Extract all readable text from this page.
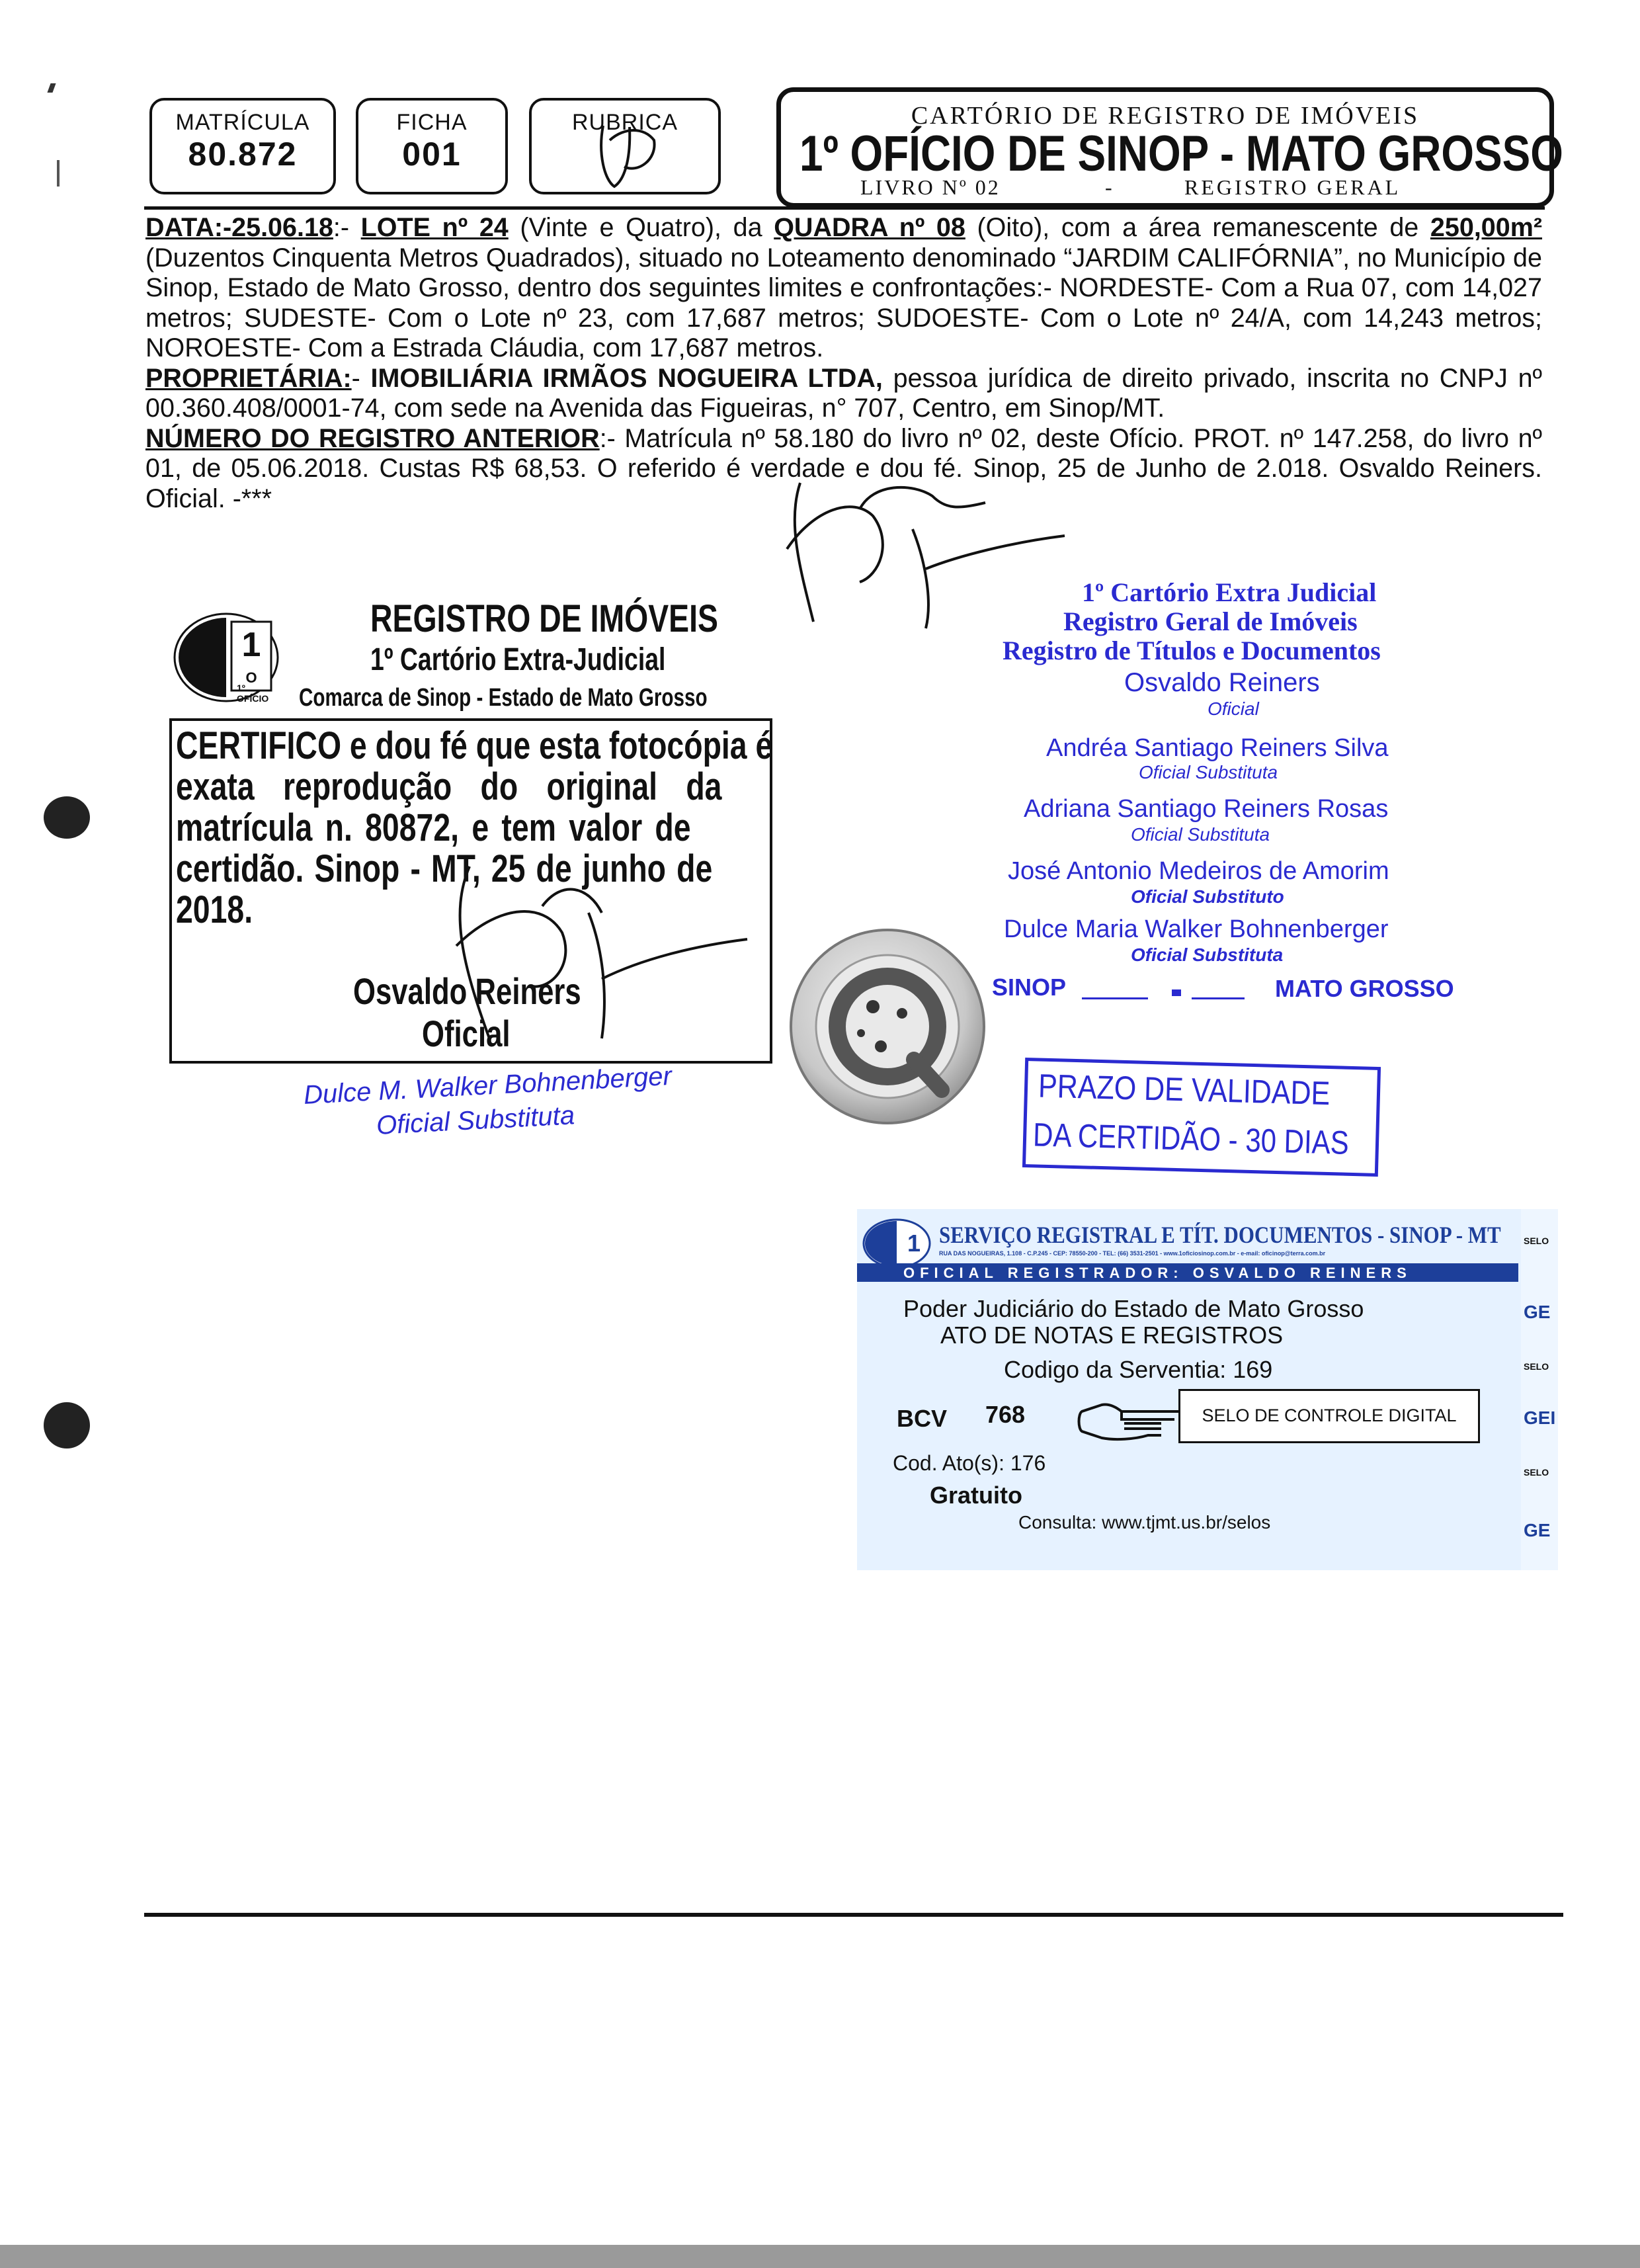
MATRÍCULA
80.872
FICHA
001
RUBRICA	CARTÓRIO DE REGISTRO DE IMÓVEIS
1º OFÍCIO DE SINOP - MATO GROSSO
LIVRO Nº 02	-	REGISTRO GERAL

DATA:-25.06.18:- LOTE nº 24 (Vinte e Quatro), da QUADRA nº 08 (Oito), com a área remanescente de 250,00m² (Duzentos Cinquenta Metros Quadrados), situado no Loteamento denominado “JARDIM CALIFÓRNIA”, no Município de Sinop, Estado de Mato Grosso, dentro dos seguintes limites e confrontações:- NORDESTE- Com a Rua 07, com 14,027 metros; SUDESTE- Com o Lote nº 23, com 17,687 metros; SUDOESTE- Com o Lote nº 24/A, com 14,243 metros; NOROESTE- Com a Estrada Cláudia, com 17,687 metros.

PROPRIETÁRIA:- IMOBILIÁRIA IRMÃOS NOGUEIRA LTDA, pessoa jurídica de direito privado, inscrita no CNPJ nº 00.360.408/0001-74, com sede na Avenida das Figueiras, n° 707, Centro, em Sinop/MT.

NÚMERO DO REGISTRO ANTERIOR:- Matrícula nº 58.180 do livro nº 02, deste Ofício. PROT. nº 147.258, do livro nº 01, de 05.06.2018. Custas R$ 68,53. O referido é verdade e dou fé. Sinop, 25 de Junho de 2.018. Osvaldo Reiners. Oficial. -***

1
O
1º OFÍCIO
REGISTRO DE IMÓVEIS
1º Cartório Extra-Judicial
Comarca de Sinop - Estado de Mato Grosso
CERTIFICO e dou fé que esta fotocópia é
exata reprodução do original da
matrícula n. 80872, e tem valor de
certidão. Sinop - MT, 25 de junho de
2018.
Osvaldo Reiners
Oficial
Dulce M. Walker Bohnenberger
Oficial Substituta
1º Cartório Extra Judicial
Registro Geral de Imóveis
Registro de Títulos e Documentos
Osvaldo Reiners
Oficial
Andréa Santiago Reiners Silva
Oficial Substituta
Adriana Santiago Reiners Rosas
Oficial Substituta
José Antonio Medeiros de Amorim
Oficial Substituto
Dulce Maria Walker Bohnenberger
Oficial Substituta
SINOP	MATO GROSSO
PRAZO DE VALIDADE
DA CERTIDÃO - 30 DIAS
1 SERVIÇO REGISTRAL E TÍT. DOCUMENTOS - SINOP - MT
RUA DAS NOGUEIRAS, 1.108 - C.P.245 - CEP: 78550-200 - TEL: (66) 3531-2501 - www.1oficiosinop.com.br - e-mail: oficinop@terra.com.br
OFICIAL REGISTRADOR: OSVALDO REINERS
Poder Judiciário do Estado de Mato Grosso
ATO DE NOTAS E REGISTROS
Codigo da Serventia: 169
BCV 768	SELO DE CONTROLE DIGITAL
Cod. Ato(s): 176
Gratuito
Consulta: www.tjmt.us.br/selos
SELO
GE
SELO
GEI
SELO
GE
